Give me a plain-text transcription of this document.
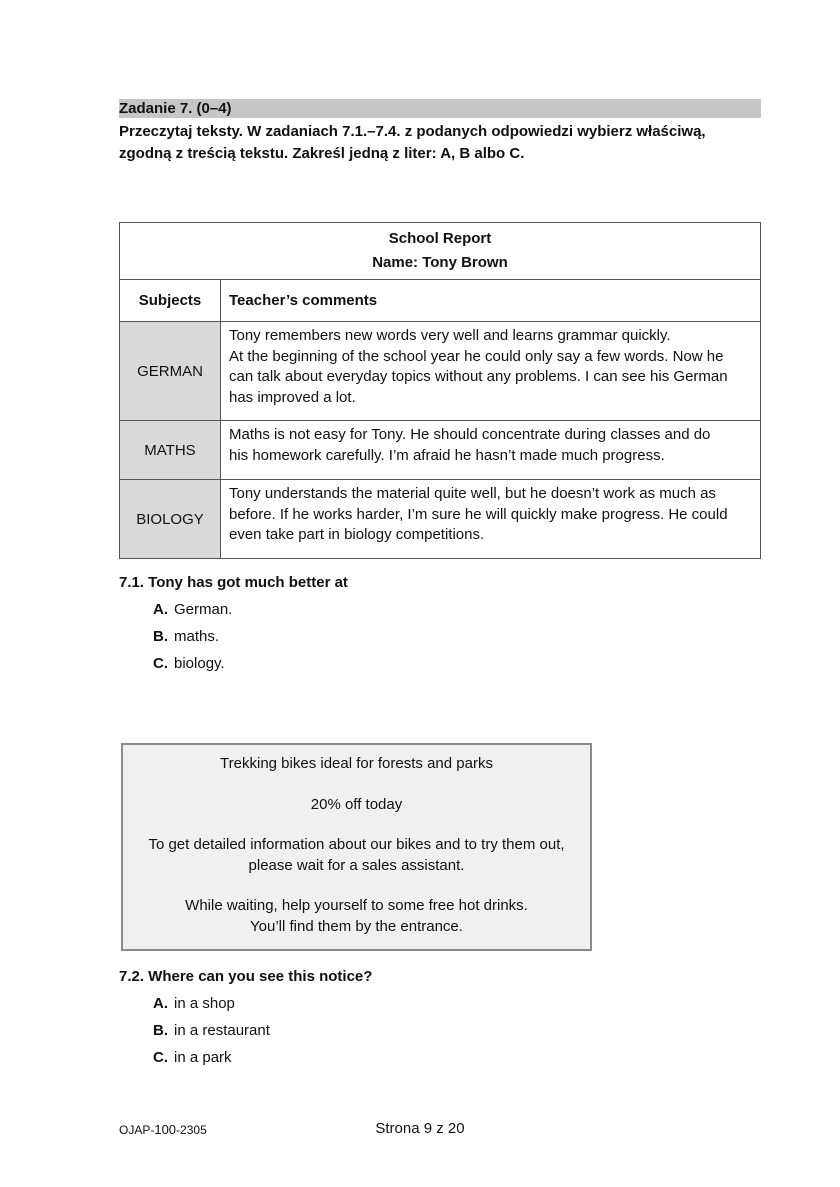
Zadanie 7. (0–4)
Przeczytaj teksty. W zadaniach 7.1.–7.4. z podanych odpowiedzi wybierz właściwą,
zgodną z treścią tekstu. Zakreśl jedną z liter: A, B albo C.
School Report
Name: Tony Brown	

Subjects	Teacher’s comments
GERMAN	Tony remembers new words very well and learns grammar quickly.
At the beginning of the school year he could only say a few words. Now he
can talk about everyday topics without any problems. I can see his German
has improved a lot.

MATHS	Maths is not easy for Tony. He should concentrate during classes and do
his homework carefully. I’m afraid he hasn’t made much progress.

BIOLOGY	Tony understands the material quite well, but he doesn’t work as much as
before. If he works harder, I’m sure he will quickly make progress. He could
even take part in biology competitions.
7.1. Tony has got much better at
A. German.
B. maths.
C. biology.

Trekking bikes ideal for forests and parks

20% off today

To get detailed information about our bikes and to try them out,

please wait for a sales assistant.

While waiting, help yourself to some free hot drinks.

You’ll find them by the entrance.

7.2. Where can you see this notice?
A. in a shop
B. in a restaurant
C. in a park
OJAP-100-2305	Strona 9 z 20
